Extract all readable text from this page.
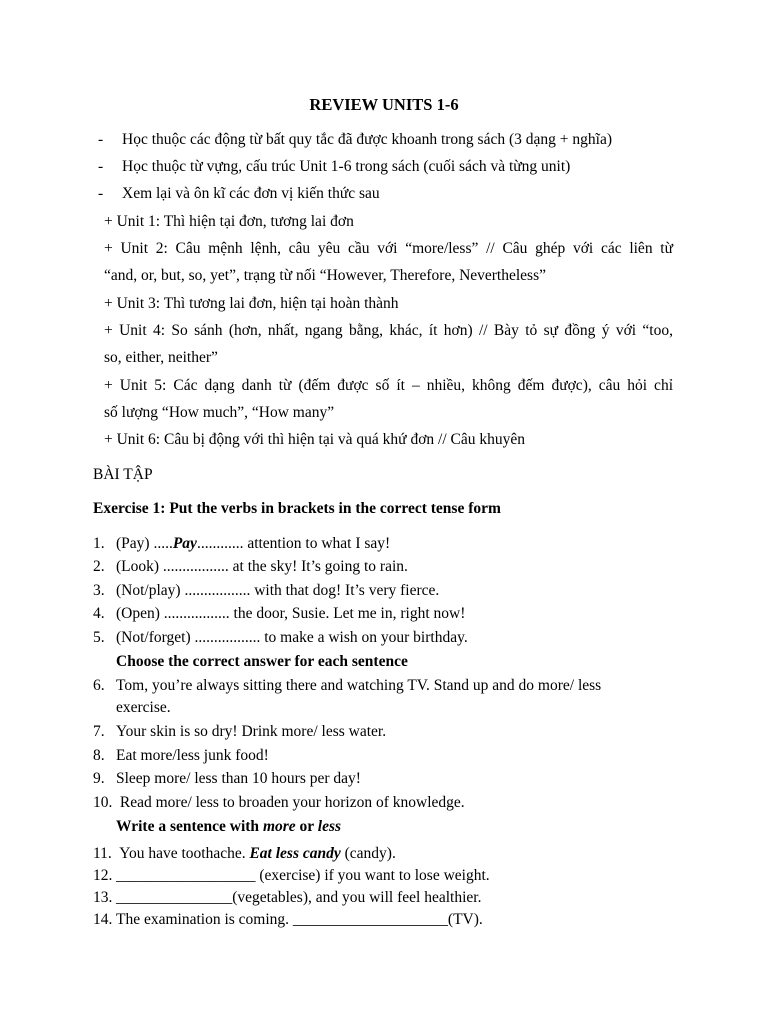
REVIEW UNITS 1-6
- Học thuộc các động từ bất quy tắc đã được khoanh trong sách (3 dạng + nghĩa)
- Học thuộc từ vựng, cấu trúc Unit 1-6 trong sách (cuối sách và từng unit)
- Xem lại và ôn kĩ các đơn vị kiến thức sau
+ Unit 1: Thì hiện tại đơn, tương lai đơn
+ Unit 2: Câu mệnh lệnh, câu yêu cầu với “more/less” // Câu ghép với các liên từ
“and, or, but, so, yet”, trạng từ nối “However, Therefore, Nevertheless”
+ Unit 3: Thì tương lai đơn, hiện tại hoàn thành
+ Unit 4: So sánh (hơn, nhất, ngang bằng, khác, ít hơn) // Bày tỏ sự đồng ý với “too,
so, either, neither”
+ Unit 5: Các dạng danh từ (đếm được số ít – nhiều, không đếm được), câu hỏi chỉ
số lượng “How much”, “How many”
+ Unit 6: Câu bị động với thì hiện tại và quá khứ đơn // Câu khuyên
BÀI TẬP
Exercise 1: Put the verbs in brackets in the correct tense form
1. (Pay) .....Pay............ attention to what I say!
2. (Look) ................. at the sky! It’s going to rain.
3. (Not/play) ................. with that dog! It’s very fierce.
4. (Open) ................. the door, Susie. Let me in, right now!
5. (Not/forget) ................. to make a wish on your birthday.
Choose the correct answer for each sentence
6. Tom, you’re always sitting there and watching TV. Stand up and do more/ less
exercise.
7. Your skin is so dry! Drink more/ less water.
8. Eat more/less junk food!
9. Sleep more/ less than 10 hours per day!
10. Read more/ less to broaden your horizon of knowledge.
Write a sentence with more or less
11. You have toothache. Eat less candy (candy).
12. __________________ (exercise) if you want to lose weight.
13. _______________(vegetables), and you will feel healthier.
14. The examination is coming. ____________________(TV).
